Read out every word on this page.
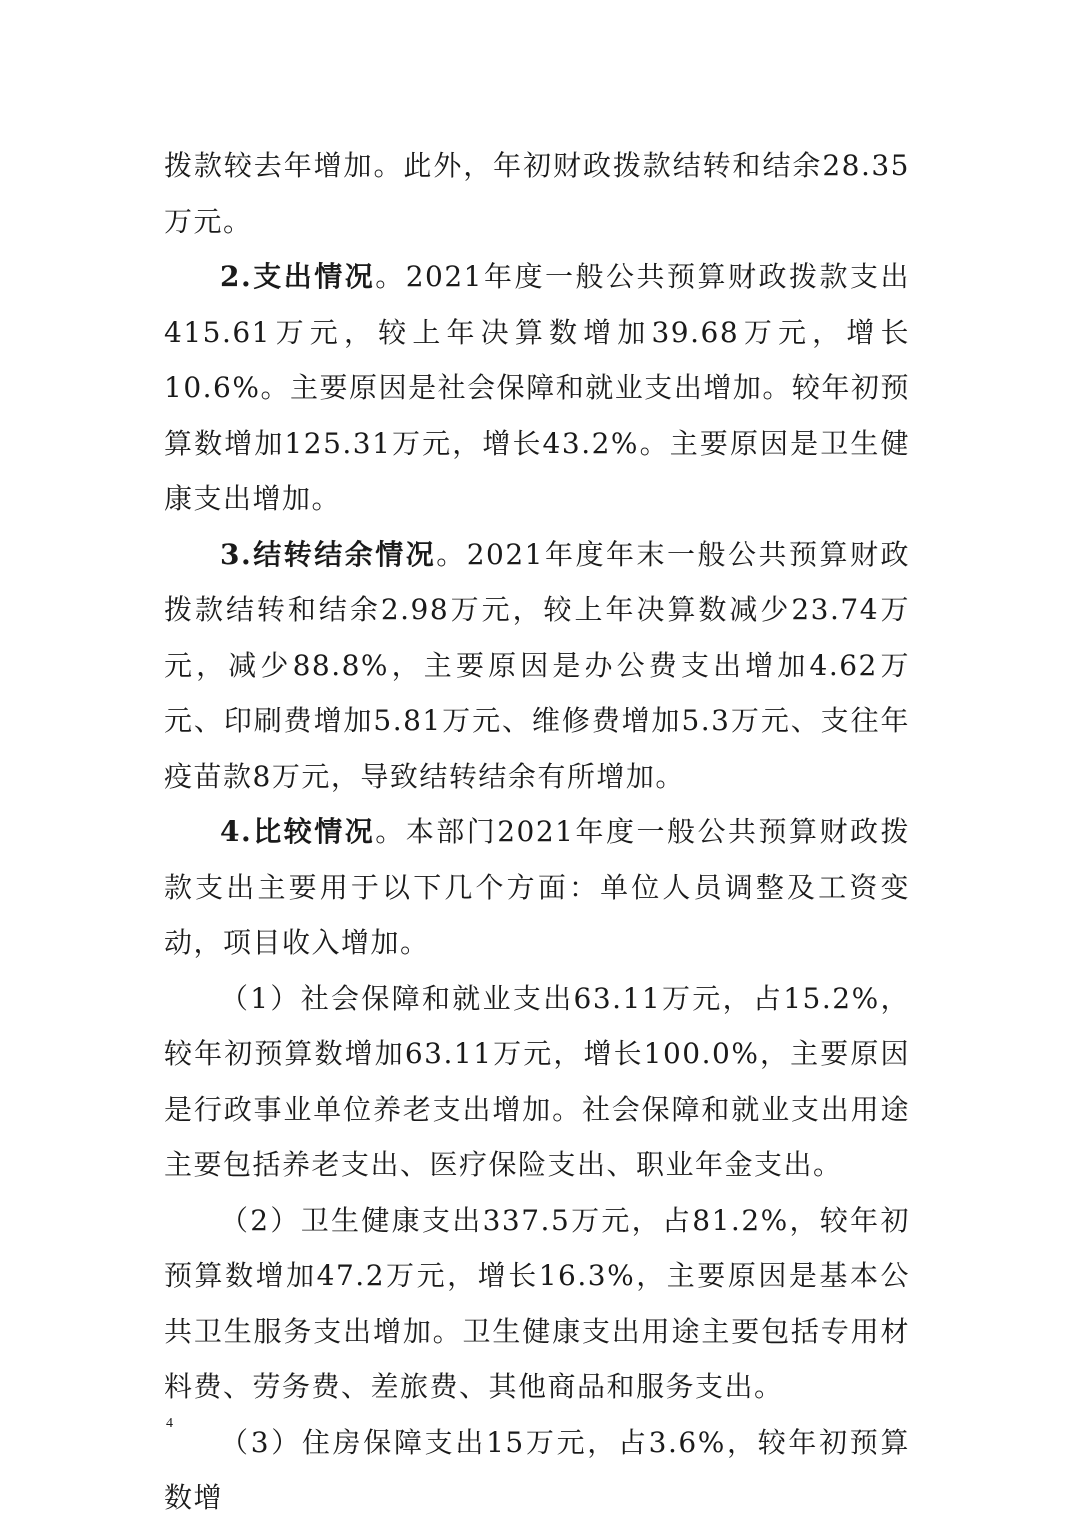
拨款较去年增加。此外，年初财政拨款结转和结余28.35万元。

2.支出情况。2021年度一般公共预算财政拨款支出415.61万元，较上年决算数增加39.68万元，增长10.6%。主要原因是社会保障和就业支出增加。较年初预算数增加125.31万元，增长43.2%。主要原因是卫生健康支出增加。

3.结转结余情况。2021年度年末一般公共预算财政拨款结转和结余2.98万元，较上年决算数减少23.74万元，减少88.8%，主要原因是办公费支出增加4.62万元、印刷费增加5.81万元、维修费增加5.3万元、支往年疫苗款8万元，导致结转结余有所增加。

4.比较情况。本部门2021年度一般公共预算财政拨款支出主要用于以下几个方面：单位人员调整及工资变动，项目收入增加。

（1）社会保障和就业支出63.11万元，占15.2%，较年初预算数增加63.11万元，增长100.0%，主要原因是行政事业单位养老支出增加。社会保障和就业支出用途主要包括养老支出、医疗保险支出、职业年金支出。

（2）卫生健康支出337.5万元，占81.2%，较年初预算数增加47.2万元，增长16.3%，主要原因是基本公共卫生服务支出增加。卫生健康支出用途主要包括专用材料费、劳务费、差旅费、其他商品和服务支出。

（3）住房保障支出15万元，占3.6%，较年初预算数增

4
